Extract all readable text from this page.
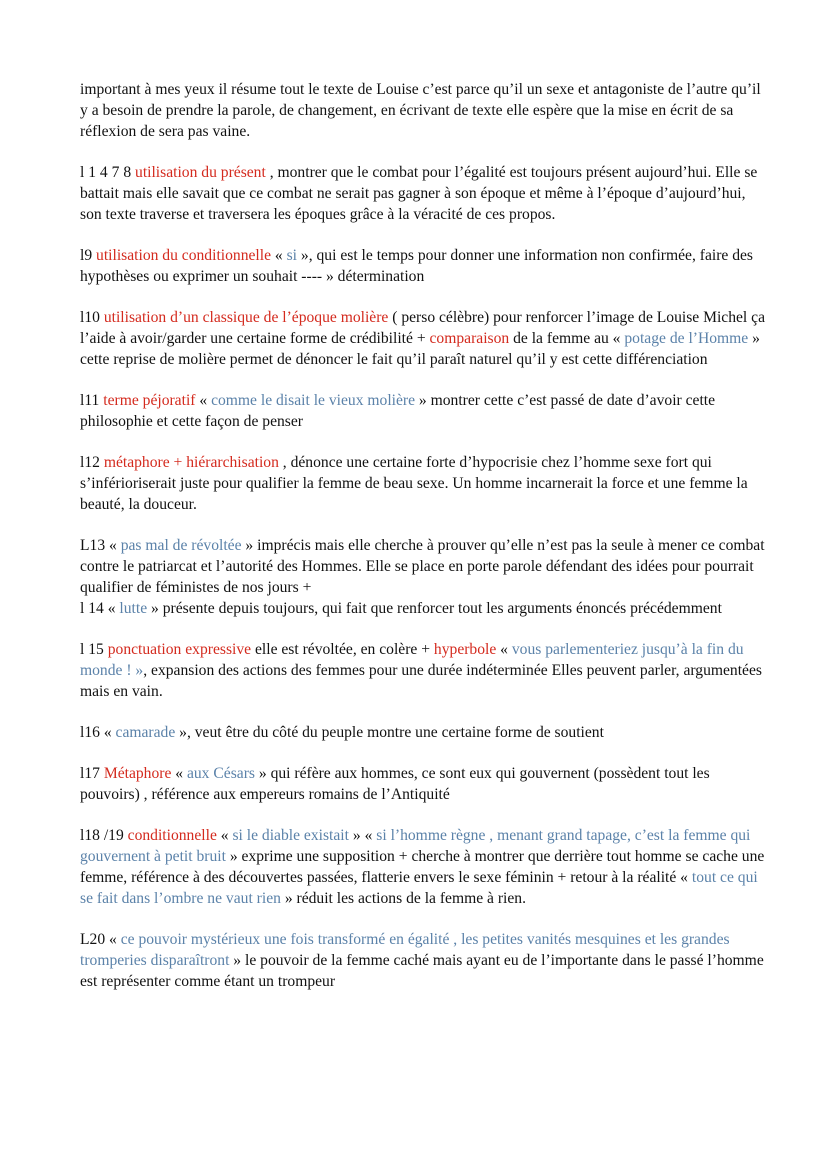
important à mes yeux il résume tout le texte de Louise c’est parce qu’il un sexe et antagoniste de l’autre qu’il y a besoin de prendre la parole, de changement, en écrivant de texte elle espère que la mise en écrit de sa réflexion de sera pas vaine.

l 1 4 7 8 utilisation du présent , montrer que le combat pour l’égalité est toujours présent aujourd’hui. Elle se battait mais elle savait que ce combat ne serait pas gagner à son époque et même à l’époque d’aujourd’hui, son texte traverse et traversera les époques grâce à la véracité de ces propos.

l9 utilisation du conditionnelle « si », qui est le temps pour donner une information non confirmée, faire des hypothèses ou exprimer un souhait ---- » détermination

l10 utilisation d’un classique de l’époque molière ( perso célèbre) pour renforcer l’image de Louise Michel ça l’aide à avoir/garder une certaine forme de crédibilité + comparaison de la femme au « potage de l’Homme » cette reprise de molière permet de dénoncer le fait qu’il paraît naturel qu’il y est cette différenciation

l11 terme péjoratif « comme le disait le vieux molière » montrer cette c’est passé de date d’avoir cette philosophie et cette façon de penser

l12 métaphore + hiérarchisation , dénonce une certaine forte d’hypocrisie chez l’homme sexe fort qui s’inférioriserait juste pour qualifier la femme de beau sexe. Un homme incarnerait la force et une femme la beauté, la douceur.

L13 « pas mal de révoltée » imprécis mais elle cherche à prouver qu’elle n’est pas la seule à mener ce combat contre le patriarcat et l’autorité des Hommes. Elle se place en porte parole défendant des idées pour pourrait qualifier de féministes de nos jours +
l 14 « lutte » présente depuis toujours, qui fait que renforcer tout les arguments énoncés précédemment

l 15 ponctuation expressive elle est révoltée, en colère + hyperbole « vous parlementeriez jusqu’à la fin du monde ! », expansion des actions des femmes pour une durée indéterminée Elles peuvent parler, argumentées mais en vain.

l16 « camarade », veut être du côté du peuple montre une certaine forme de soutient

l17 Métaphore « aux Césars » qui réfère aux hommes, ce sont eux qui gouvernent (possèdent tout les pouvoirs) , référence aux empereurs romains de l’Antiquité

l18 /19 conditionnelle « si le diable existait » « si l’homme règne , menant grand tapage, c’est la femme qui gouvernent à petit bruit » exprime une supposition + cherche à montrer que derrière tout homme se cache une femme, référence à des découvertes passées, flatterie envers le sexe féminin + retour à la réalité « tout ce qui se fait dans l’ombre ne vaut rien » réduit les actions de la femme à rien.

L20 « ce pouvoir mystérieux une fois transformé en égalité , les petites vanités mesquines et les grandes tromperies disparaîtront » le pouvoir de la femme caché mais ayant eu de l’importante dans le passé l’homme est représenter comme étant un trompeur
